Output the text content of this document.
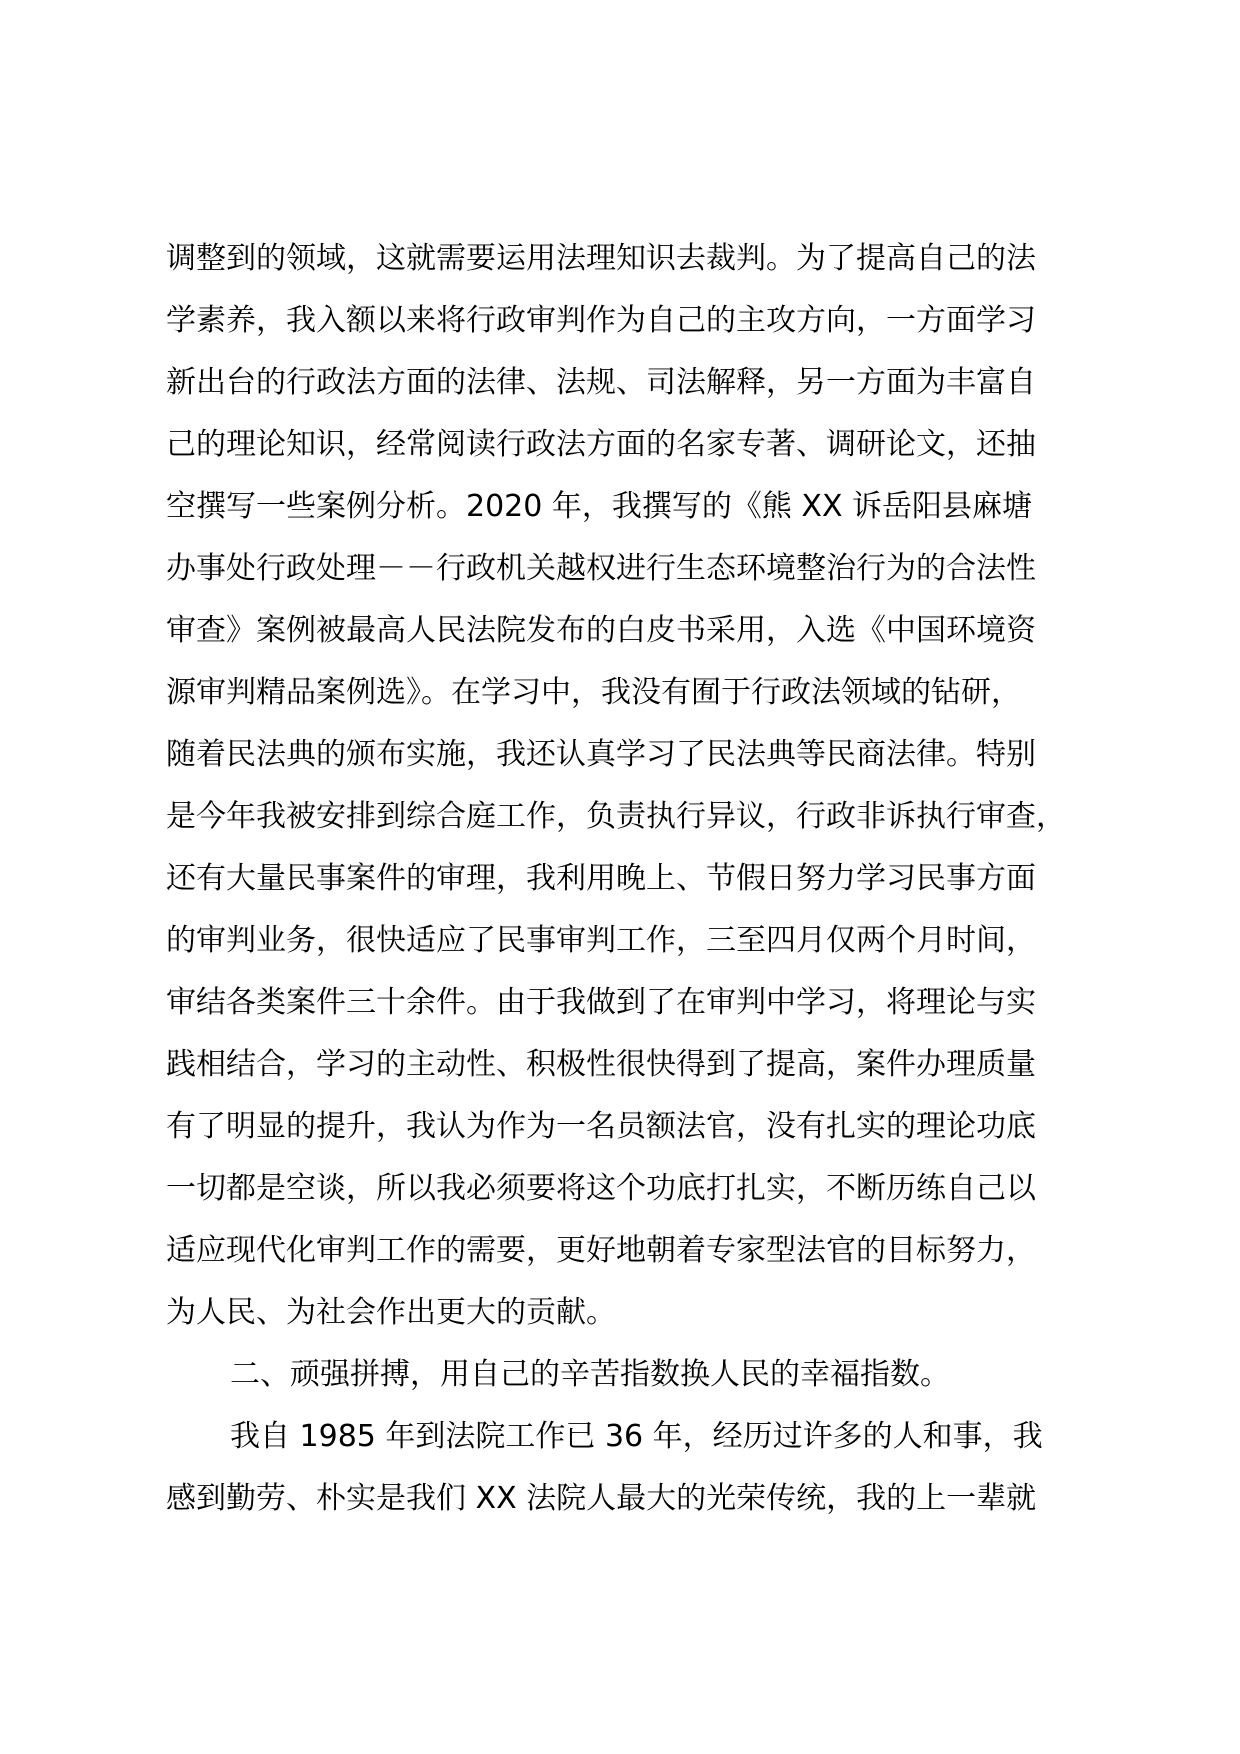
调整到的领域，这就需要运用法理知识去裁判。为了提高自己的法
学素养，我入额以来将行政审判作为自己的主攻方向，一方面学习
新出台的行政法方面的法律、法规、司法解释，另一方面为丰富自
己的理论知识，经常阅读行政法方面的名家专著、调研论文，还抽
空撰写一些案例分析。2020 年，我撰写的《熊 XX 诉岳阳县麻塘
办事处行政处理－－行政机关越权进行生态环境整治行为的合法性
审查》案例被最高人民法院发布的白皮书采用，入选《中国环境资
源审判精品案例选》。在学习中，我没有囿于行政法领域的钻研，
随着民法典的颁布实施，我还认真学习了民法典等民商法律。特别
是今年我被安排到综合庭工作，负责执行异议，行政非诉执行审查，
还有大量民事案件的审理，我利用晚上、节假日努力学习民事方面
的审判业务，很快适应了民事审判工作，三至四月仅两个月时间，
审结各类案件三十余件。由于我做到了在审判中学习，将理论与实
践相结合，学习的主动性、积极性很快得到了提高，案件办理质量
有了明显的提升，我认为作为一名员额法官，没有扎实的理论功底
一切都是空谈，所以我必须要将这个功底打扎实，不断历练自己以
适应现代化审判工作的需要，更好地朝着专家型法官的目标努力，
为人民、为社会作出更大的贡献。
二、顽强拼搏，用自己的辛苦指数换人民的幸福指数。
我自 1985 年到法院工作已 36 年，经历过许多的人和事，我
感到勤劳、朴实是我们 XX 法院人最大的光荣传统，我的上一辈就
